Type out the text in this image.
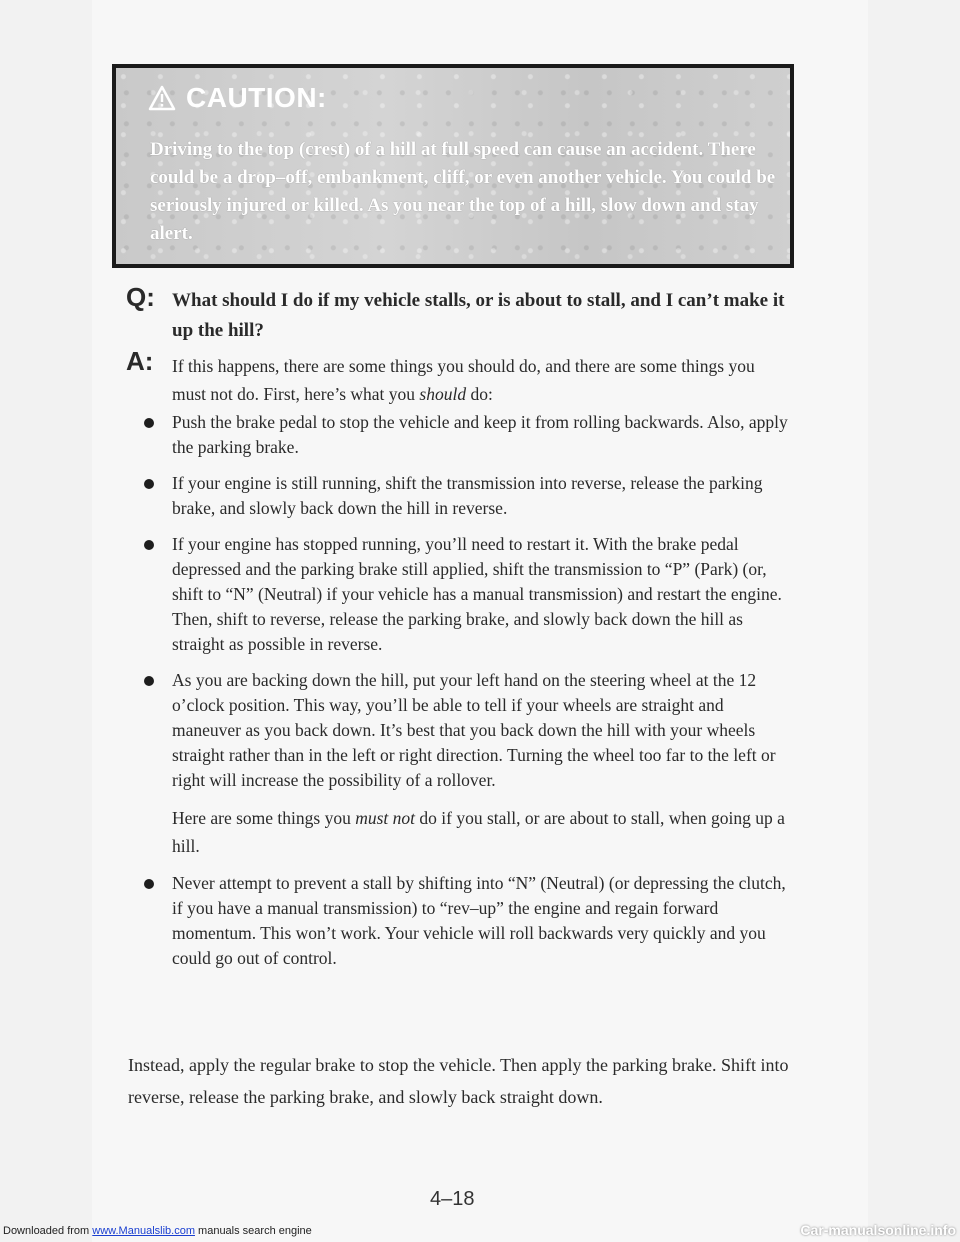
CAUTION:
Driving to the top (crest) of a hill at full speed can cause an accident. There could be a drop–off, embankment, cliff, or even another vehicle. You could be seriously injured or killed. As you near the top of a hill, slow down and stay alert.
Q: What should I do if my vehicle stalls, or is about to stall, and I can’t make it up the hill?
A:	If this happens, there are some things you should do, and there are some things you must not do. First, here’s what you should do:
Push the brake pedal to stop the vehicle and keep it from rolling backwards. Also, apply the parking brake.
If your engine is still running, shift the transmission into reverse, release the parking brake, and slowly back down the hill in reverse.
If your engine has stopped running, you’ll need to restart it. With the brake pedal depressed and the parking brake still applied, shift the transmission to “P” (Park) (or, shift to “N” (Neutral) if your vehicle has a manual transmission) and restart the engine. Then, shift to reverse, release the parking brake, and slowly back down the hill as straight as possible in reverse.
As you are backing down the hill, put your left hand on the steering wheel at the 12 o’clock position. This way, you’ll be able to tell if your wheels are straight and maneuver as you back down. It’s best that you back down the hill with your wheels straight rather than in the left or right direction. Turning the wheel too far to the left or right will increase the possibility of a rollover.
Here are some things you must not do if you stall, or are about to stall, when going up a hill.
Never attempt to prevent a stall by shifting into “N” (Neutral) (or depressing the clutch, if you have a manual transmission) to “rev–up” the engine and regain forward momentum. This won’t work. Your vehicle will roll backwards very quickly and you could go out of control.
Instead, apply the regular brake to stop the vehicle. Then apply the parking brake. Shift into reverse, release the parking brake, and slowly back straight down.
4–18
Downloaded from www.Manualslib.com manuals search engine	Car-manualsonline.info
